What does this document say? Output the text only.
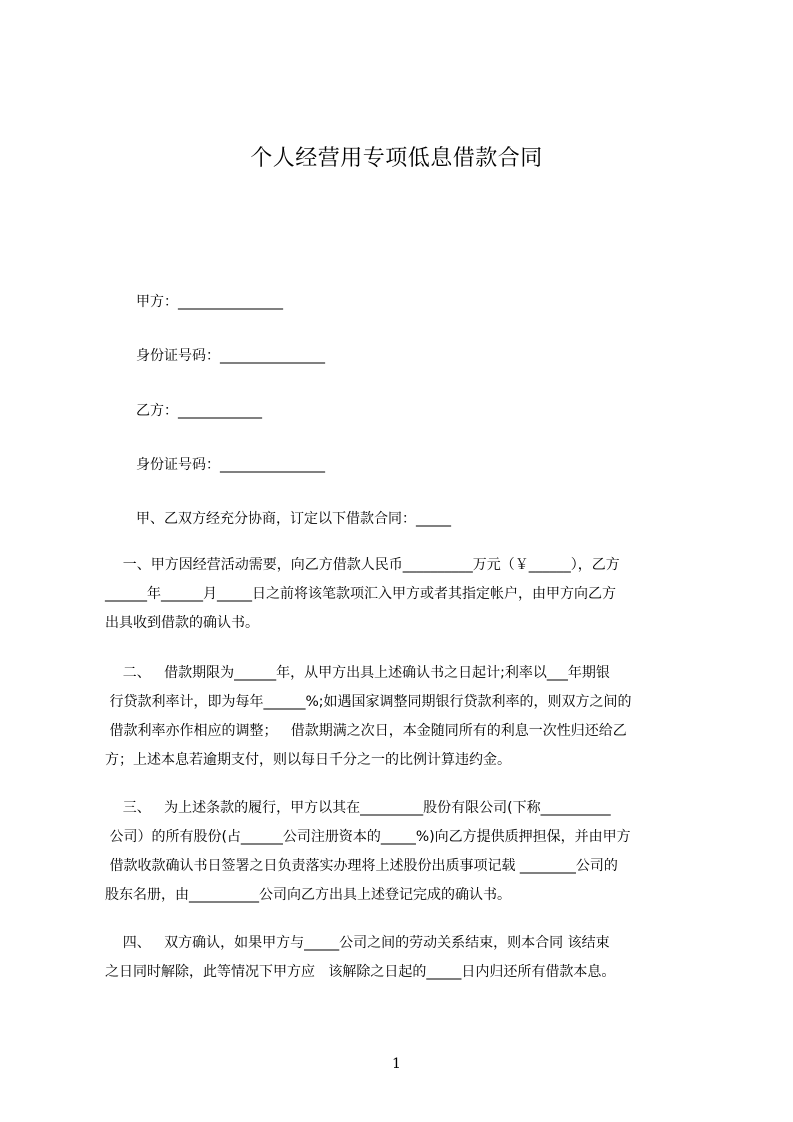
个人经营用专项低息借款合同
甲方：_______________
身份证号码：_______________
乙方：____________
身份证号码：_______________
甲、乙双方经充分协商，订定以下借款合同：_____
一、甲方因经营活动需要，向乙方借款人民币__________万元（￥______），乙方
______年______月_____日之前将该笔款项汇入甲方或者其指定帐户，由甲方向乙方
出具收到借款的确认书。
二、   借款期限为______年，从甲方出具上述确认书之日起计;利率以___年期银
行贷款利率计，即为每年______%;如遇国家调整同期银行贷款利率的，则双方之间的
借款利率亦作相应的调整；   借款期满之次日，本金随同所有的利息一次性归还给乙
方；上述本息若逾期支付，则以每日千分之一的比例计算违约金。
三、   为上述条款的履行，甲方以其在_________股份有限公司(下称__________
公司）的所有股份(占______公司注册资本的_____%)向乙方提供质押担保，并由甲方
借款收款确认书日签署之日负责落实办理将上述股份出质事项记载 ________公司的
股东名册，由__________公司向乙方出具上述登记完成的确认书。
四、   双方确认，如果甲方与_____公司之间的劳动关系结束，则本合同 该结束
之日同时解除，此等情况下甲方应   该解除之日起的_____日内归还所有借款本息。
1
